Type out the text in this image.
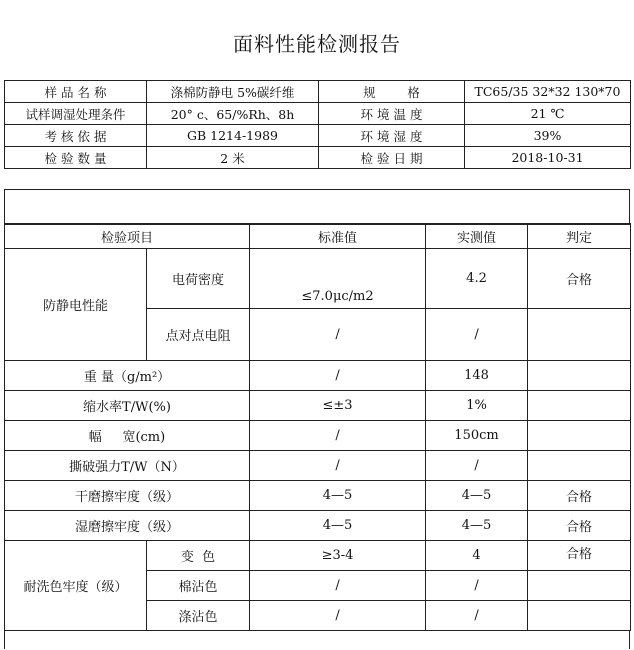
面料性能检测报告
样 品 名 称	涤棉防静电 5%碳纤维	规        格	TC65/35 32*32 130*70
试样调湿处理条件	20° c、65/%Rh、8h	环 境 温 度	21 ℃
考 核 依 据	GB 1214-1989	环 境 湿 度	39%
检 验 数 量	2 米	检 验 日 期	2018-10-31
检验项目		标准值	实测值	判定
防静电性能	电荷密度	≤7.0μc/m2	4.2	合格
	点对点电阻	/	/	
重 量（g/m²）		/	148	
缩水率T/W(%)		≤±3	1%	
幅     宽(cm)		/	150cm	
撕破强力T/W（N）		/	/	
干磨擦牢度（级）		4—5	4—5	合格
湿磨擦牢度（级）		4—5	4—5	合格
耐洗色牢度（级）	变  色	≥3-4	4	合格
	棉沾色	/	/	
	涤沾色	/	/	
